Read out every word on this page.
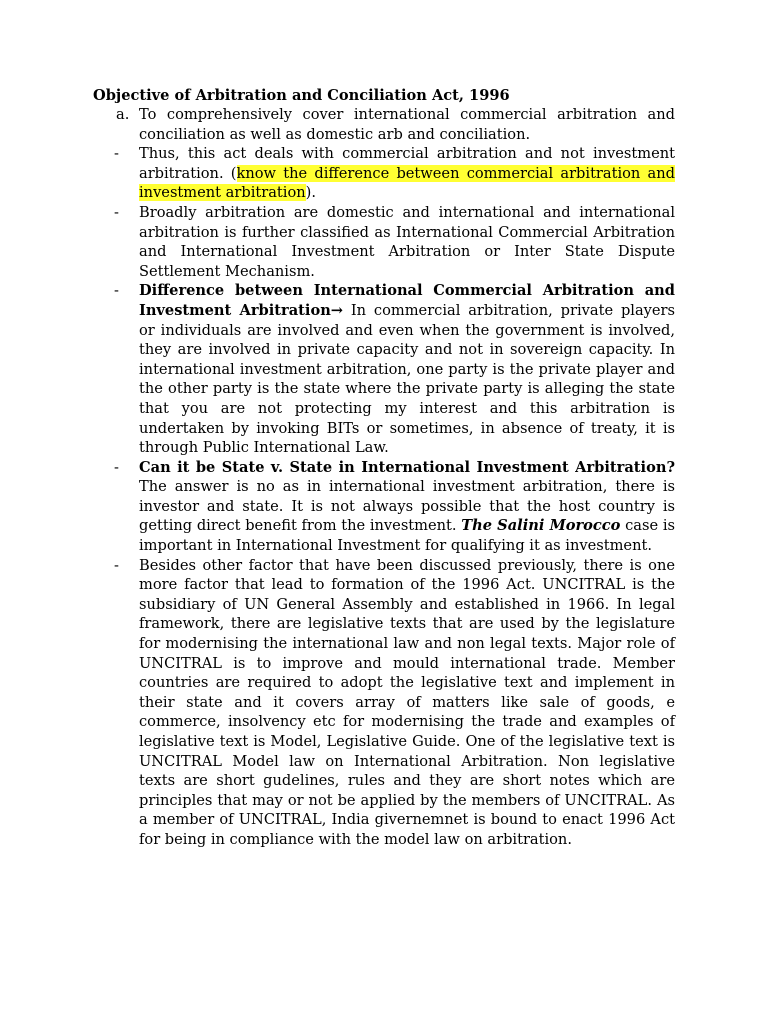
Objective of Arbitration and Conciliation Act, 1996
a. To comprehensively cover international commercial arbitration and conciliation as well as domestic arb and conciliation.
- Thus, this act deals with commercial arbitration and not investment arbitration. (know the difference between commercial arbitration and investment arbitration).
- Broadly arbitration are domestic and international and international arbitration is further classified as International Commercial Arbitration and International Investment Arbitration or Inter State Dispute Settlement Mechanism.
- Difference between International Commercial Arbitration and Investment Arbitration→ In commercial arbitration, private players or individuals are involved and even when the government is involved, they are involved in private capacity and not in sovereign capacity. In international investment arbitration, one party is the private player and the other party is the state where the private party is alleging the state that you are not protecting my interest and this arbitration is undertaken by invoking BITs or sometimes, in absence of treaty, it is through Public International Law.
- Can it be State v. State in International Investment Arbitration? The answer is no as in international investment arbitration, there is investor and state. It is not always possible that the host country is getting direct benefit from the investment. The Salini Morocco case is important in International Investment for qualifying it as investment.
- Besides other factor that have been discussed previously, there is one more factor that lead to formation of the 1996 Act. UNCITRAL is the subsidiary of UN General Assembly and established in 1966. In legal framework, there are legislative texts that are used by the legislature for modernising the international law and non legal texts. Major role of UNCITRAL is to improve and mould international trade. Member countries are required to adopt the legislative text and implement in their state and it covers array of matters like sale of goods, e commerce, insolvency etc for modernising the trade and examples of legislative text is Model, Legislative Guide. One of the legislative text is UNCITRAL Model law on International Arbitration. Non legislative texts are short gudelines, rules and they are short notes which are principles that may or not be applied by the members of UNCITRAL. As a member of UNCITRAL, India givernemnet is bound to enact 1996 Act for being in compliance with the model law on arbitration.
